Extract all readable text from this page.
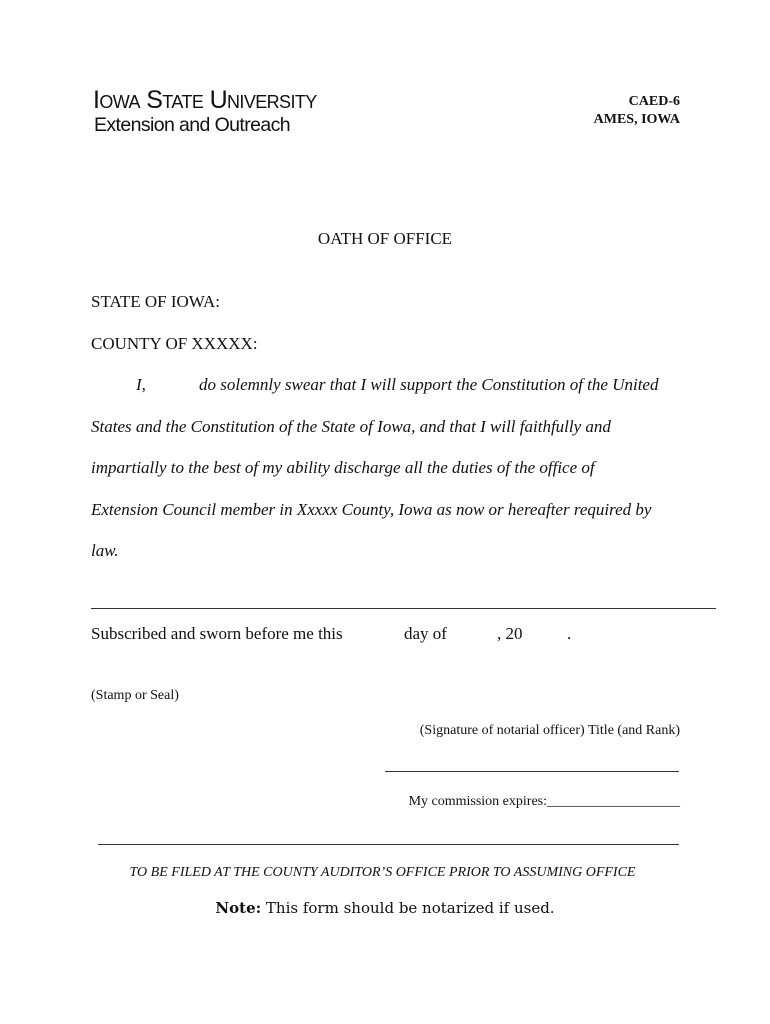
Iowa State University
Extension and Outreach
CAED-6
AMES, IOWA
OATH OF OFFICE
STATE OF IOWA:
COUNTY OF XXXXX:
I,	do solemnly swear that I will support the Constitution of the United
States and the Constitution of the State of Iowa, and that I will faithfully and
impartially to the best of my ability discharge all the duties of the office of
Extension Council member in Xxxxx County, Iowa as now or hereafter required by
law.
Subscribed and sworn before me this	day of	, 20	.
(Stamp or Seal)
(Signature of notarial officer) Title (and Rank)
My commission expires:___________________
TO BE FILED AT THE COUNTY AUDITOR’S OFFICE PRIOR TO ASSUMING OFFICE
Note: This form should be notarized if used.
